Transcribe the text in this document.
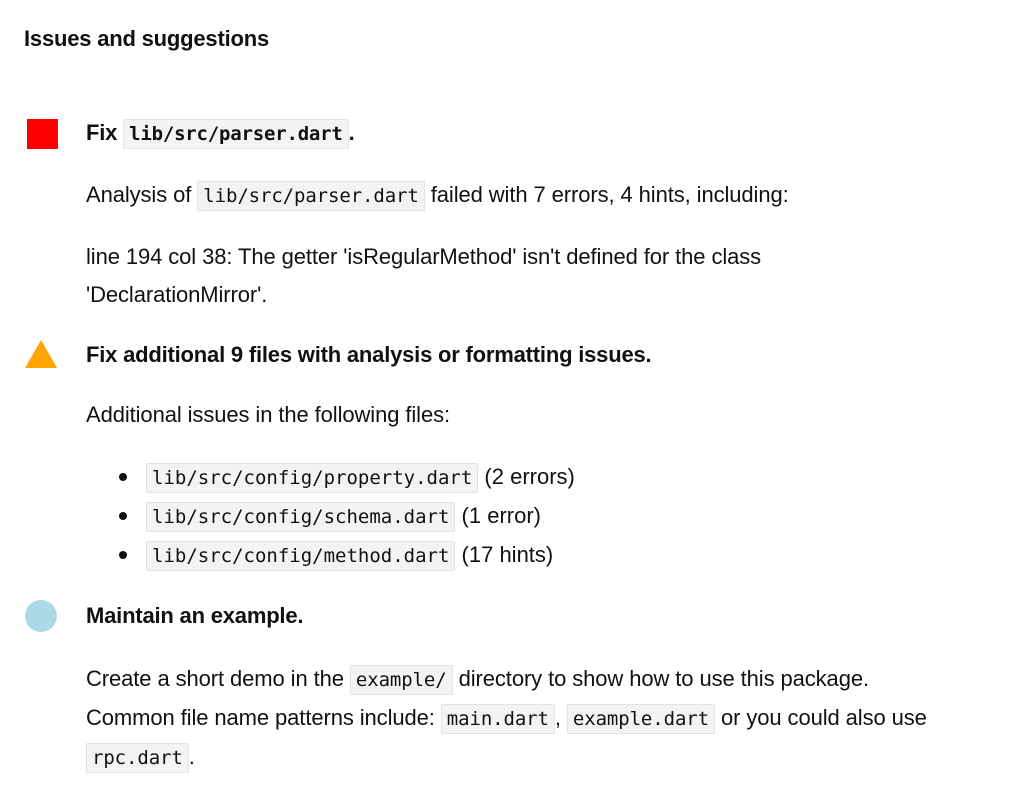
Issues and suggestions
Fix lib/src/parser.dart .

Analysis of lib/src/parser.dart failed with 7 errors, 4 hints, including:

line 194 col 38: The getter 'isRegularMethod' isn't defined for the class
'DeclarationMirror'.

Fix additional 9 files with analysis or formatting issues.

Additional issues in the following files:

lib/src/config/property.dart (2 errors)
lib/src/config/schema.dart (1 error)
lib/src/config/method.dart (17 hints)
Maintain an example.

Create a short demo in the example/ directory to show how to use this package.
Common file name patterns include: main.dart , example.dart or you could also use
rpc.dart .
